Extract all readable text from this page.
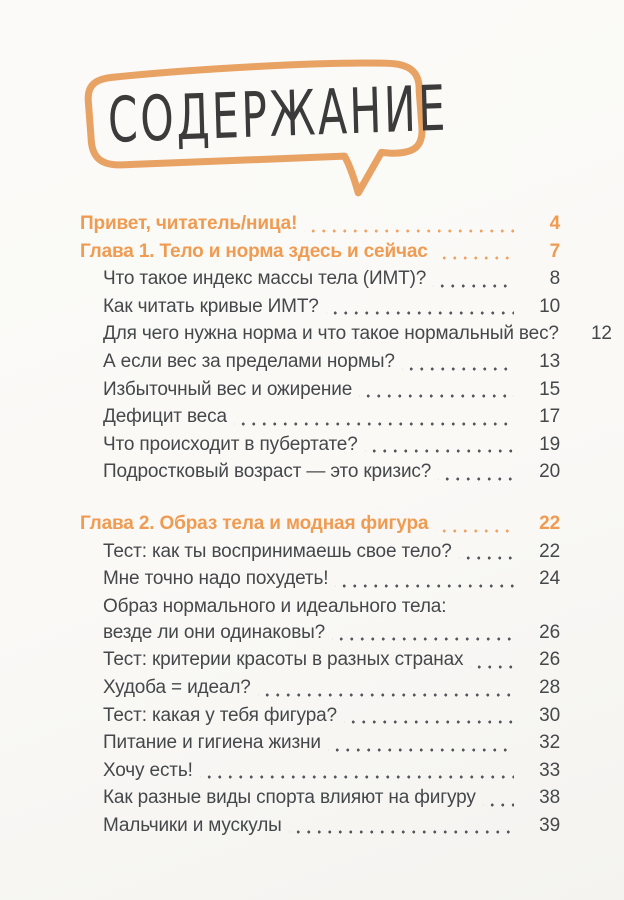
СОДЕРЖАНИЕ
Привет, читатель/ница!	4
Глава 1. Тело и норма здесь и сейчас	7
Что такое индекс массы тела (ИМТ)?	8
Как читать кривые ИМТ?	10
Для чего нужна норма и что такое нормальный вес?	12
А если вес за пределами нормы?	13
Избыточный вес и ожирение	15
Дефицит веса	17
Что происходит в пубертате?	19
Подростковый возраст — это кризис?	20
Глава 2. Образ тела и модная фигура	22
Тест: как ты воспринимаешь свое тело?	22
Мне точно надо похудеть!	24
Образ нормального и идеального тела:
везде ли они одинаковы?	26
Тест: критерии красоты в разных странах	26
Худоба = идеал?	28
Тест: какая у тебя фигура?	30
Питание и гигиена жизни	32
Хочу есть!	33
Как разные виды спорта влияют на фигуру	38
Мальчики и мускулы	39
